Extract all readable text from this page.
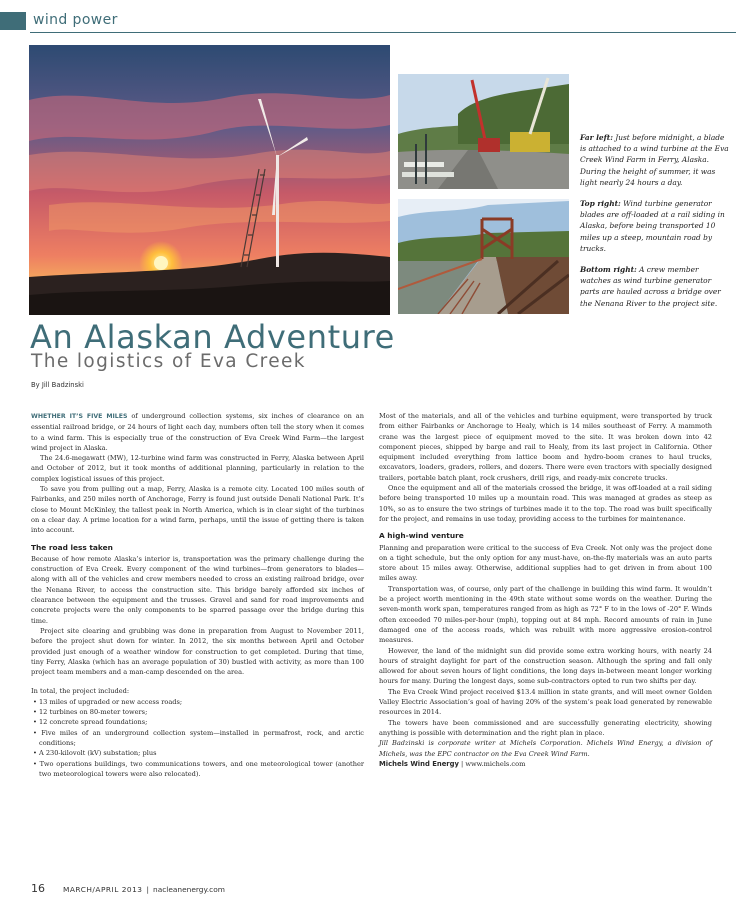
wind power

Far left: Just before midnight, a blade is attached to a wind turbine at the Eva Creek Wind Farm in Ferry, Alaska. During the height of summer, it was light nearly 24 hours a day.

Top right: Wind turbine generator blades are off-loaded at a rail siding in Alaska, before being transported 10 miles up a steep, mountain road by trucks.

Bottom right: A crew member watches as wind turbine generator parts are hauled across a bridge over the Nenana River to the project site.

An Alaskan Adventure
The logistics of Eva Creek
By Jill Badzinski

WHETHER IT’S FIVE MILES of underground collection systems, six inches of clearance on an essential railroad bridge, or 24 hours of light each day, numbers often tell the story when it comes to a wind farm. This is especially true of the construction of Eva Creek Wind Farm—the largest wind project in Alaska.

The 24.6-megawatt (MW), 12-turbine wind farm was constructed in Ferry, Alaska between April and October of 2012, but it took months of additional planning, particularly in relation to the complex logistical issues of this project.

To save you from pulling out a map, Ferry, Alaska is a remote city. Located 100 miles south of Fairbanks, and 250 miles north of Anchorage, Ferry is found just outside Denali National Park. It’s close to Mount McKinley, the tallest peak in North America, which is in clear sight of the turbines on a clear day. A prime location for a wind farm, perhaps, until the issue of getting there is taken into account.

The road less taken

Because of how remote Alaska’s interior is, transportation was the primary challenge during the construction of Eva Creek. Every component of the wind turbines—from generators to blades—along with all of the vehicles and crew members needed to cross an existing railroad bridge, over the Nenana River, to access the construction site. This bridge barely afforded six inches of clearance between the equipment and the trusses. Gravel and sand for road improvements and concrete projects were the only components to be sparred passage over the bridge during this time.

Project site clearing and grubbing was done in preparation from August to November 2011, before the project shut down for winter. In 2012, the six months between April and October provided just enough of a weather window for construction to get completed. During that time, tiny Ferry, Alaska (which has an average population of 30) bustled with activity, as more than 100 project team members and a man-camp descended on the area.

In total, the project included:

• 13 miles of upgraded or new access roads;
• 12 turbines on 80-meter towers;
• 12 concrete spread foundations;
• Five miles of an underground collection system—installed in permafrost, rock, and arctic conditions;
• A 230-kilovolt (kV) substation; plus
• Two operations buildings, two communications towers, and one meteorological tower (another two meteorological towers were also relocated).

Most of the materials, and all of the vehicles and turbine equipment, were transported by truck from either Fairbanks or Anchorage to Healy, which is 14 miles southeast of Ferry. A mammoth crane was the largest piece of equipment moved to the site. It was broken down into 42 component pieces, shipped by barge and rail to Healy, from its last project in California. Other equipment included everything from lattice boom and hydro-boom cranes to haul trucks, excavators, loaders, graders, rollers, and dozers. There were even tractors with specially designed trailers, portable batch plant, rock crushers, drill rigs, and ready-mix concrete trucks.

Once the equipment and all of the materials crossed the bridge, it was off-loaded at a rail siding before being transported 10 miles up a mountain road. This was managed at grades as steep as 10%, so as to ensure the two strings of turbines made it to the top. The road was built specifically for the project, and remains in use today, providing access to the turbines for maintenance.

A high-wind venture

Planning and preparation were critical to the success of Eva Creek. Not only was the project done on a tight schedule, but the only option for any must-have, on-the-fly materials was an auto parts store about 15 miles away. Otherwise, additional supplies had to get driven in from about 100 miles away.

Transportation was, of course, only part of the challenge in building this wind farm. It wouldn’t be a project worth mentioning in the 49th state without some words on the weather. During the seven-month work span, temperatures ranged from as high as 72° F to in the lows of -20° F. Winds often exceeded 70 miles-per-hour (mph), topping out at 84 mph. Record amounts of rain in June damaged one of the access roads, which was rebuilt with more aggressive erosion-control measures.

However, the land of the midnight sun did provide some extra working hours, with nearly 24 hours of straight daylight for part of the construction season. Although the spring and fall only allowed for about seven hours of light conditions, the long days in-between meant longer working hours for many. During the longest days, some sub-contractors opted to run two shifts per day.

The Eva Creek Wind project received $13.4 million in state grants, and will meet owner Golden Valley Electric Association’s goal of having 20% of the system’s peak load generated by renewable resources in 2014.

The towers have been commissioned and are successfully generating electricity, showing anything is possible with determination and the right plan in place.

Jill Badzinski is corporate writer at Michels Corporation. Michels Wind Energy, a division of Michels, was the EPC contractor on the Eva Creek Wind Farm.

Michels Wind Energy | www.michels.com

16 MARCH/APRIL 2013 | nacleanenergy.com
